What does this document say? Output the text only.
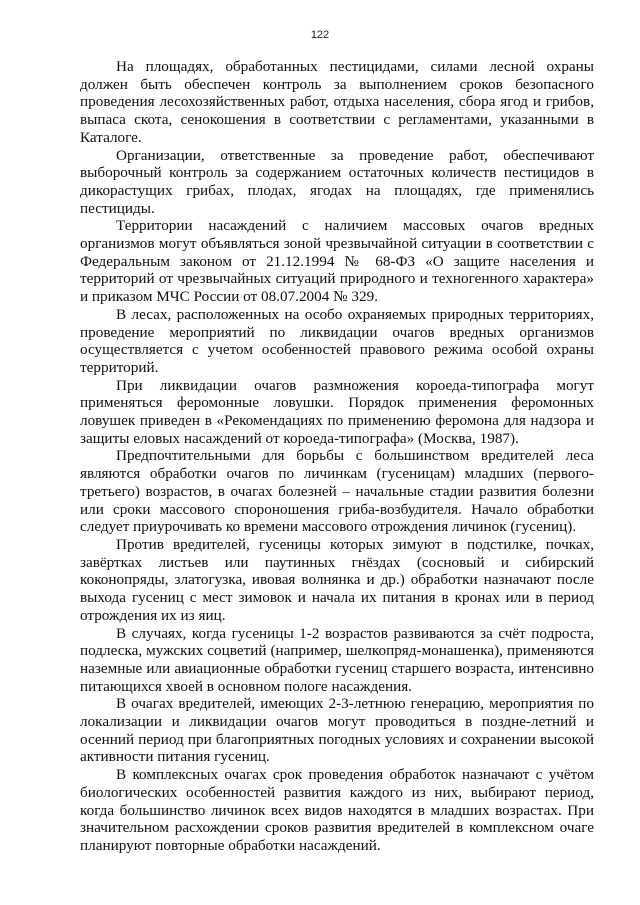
122

На площадях, обработанных пестицидами, силами лесной охраны должен быть обеспечен контроль за выполнением сроков безопасного проведения лесохозяйственных работ, отдыха населения, сбора ягод и грибов, выпаса скота, сенокошения в соответствии с регламентами, указанными в Каталоге.

Организации, ответственные за проведение работ, обеспечивают выборочный контроль за содержанием остаточных количеств пестицидов в дикорастущих грибах, плодах, ягодах на площадях, где применялись пестициды.

Территории насаждений с наличием массовых очагов вредных организмов могут объявляться зоной чрезвычайной ситуации в соответствии с Федеральным законом от 21.12.1994 № 68-ФЗ «О защите населения и территорий от чрезвычайных ситуаций природного и техногенного характера» и приказом МЧС России от 08.07.2004 № 329.

В лесах, расположенных на особо охраняемых природных территориях, проведение мероприятий по ликвидации очагов вредных организмов осуществляется с учетом особенностей правового режима особой охраны территорий.

При ликвидации очагов размножения короеда-типографа могут применяться феромонные ловушки. Порядок применения феромонных ловушек приведен в «Рекомендациях по применению феромона для надзора и защиты еловых насаждений от короеда-типографа» (Москва, 1987).

Предпочтительными для борьбы с большинством вредителей леса являются обработки очагов по личинкам (гусеницам) младших (первого-третьего) возрастов, в очагах болезней – начальные стадии развития болезни или сроки массового спороношения гриба-возбудителя. Начало обработки следует приурочивать ко времени массового отрождения личинок (гусениц).

Против вредителей, гусеницы которых зимуют в подстилке, почках, завёртках листьев или паутинных гнёздах (сосновый и сибирский коконопряды, златогузка, ивовая волнянка и др.) обработки назначают после выхода гусениц с мест зимовок и начала их питания в кронах или в период отрождения их из яиц.

В случаях, когда гусеницы 1-2 возрастов развиваются за счёт подроста, подлеска, мужских соцветий (например, шелкопряд-монашенка), применяются наземные или авиационные обработки гусениц старшего возраста, интенсивно питающихся хвоей в основном пологе насаждения.

В очагах вредителей, имеющих 2-3-летнюю генерацию, мероприятия по локализации и ликвидации очагов могут проводиться в поздне-летний и осенний период при благоприятных погодных условиях и сохранении высокой активности питания гусениц.

В комплексных очагах срок проведения обработок назначают с учётом биологических особенностей развития каждого из них, выбирают период, когда большинство личинок всех видов находятся в младших возрастах. При значительном расхождении сроков развития вредителей в комплексном очаге планируют повторные обработки насаждений.
